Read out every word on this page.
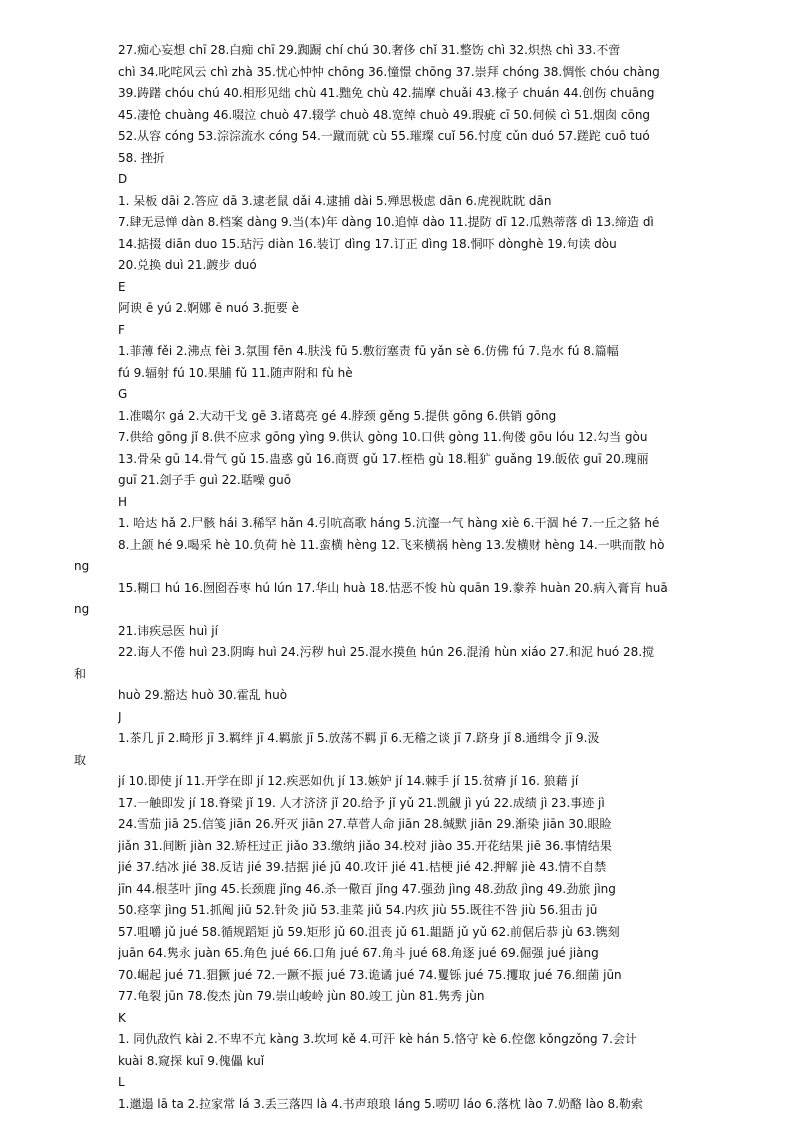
27.痴心妄想 chī 28.白痴 chī 29.踟蹰 chí chú 30.奢侈 chǐ 31.整饬 chì 32.炽热 chì 33.不啻
chì 34.叱咤风云 chì zhà 35.忧心忡忡 chōng 36.憧憬 chōng 37.崇拜 chóng 38.惆怅 chóu chàng
39.踌躇 chóu chú 40.相形见绌 chù 41.黜免 chù 42.揣摩 chuǎi 43.椽子 chuán 44.创伤 chuāng
45.凄怆 chuàng 46.啜泣 chuò 47.辍学 chuò 48.宽绰 chuò 49.瑕疵 cī 50.伺候 cì 51.烟囱 cōng
52.从容 cóng 53.淙淙流水 cóng 54.一蹴而就 cù 55.璀璨 cuǐ 56.忖度 cǔn duó 57.蹉跎 cuō tuó
58. 挫折
D
1. 呆板 dāi 2.答应 dā 3.逮老鼠 dǎi 4.逮捕 dài 5.殚思极虑 dān 6.虎视眈眈 dān
7.肆无忌惮 dàn 8.档案 dàng 9.当(本)年 dàng 10.追悼 dào 11.提防 dī 12.瓜熟蒂落 dì 13.缔造 dì
14.掂掇 diān duo 15.玷污 diàn 16.装订 dìng 17.订正 dìng 18.恫吓 dònghè 19.句读 dòu
20.兑换 duì 21.踱步 duó
E
阿谀 ē yú 2.婀娜 ē nuó 3.扼要 è
F
1.菲薄 fěi 2.沸点 fèi 3.氛围 fēn 4.肤浅 fū 5.敷衍塞责 fū yǎn sè 6.仿佛 fú 7.凫水 fú 8.篇幅
fú 9.辐射 fú 10.果脯 fǔ 11.随声附和 fù hè
G
1.准噶尔 gá 2.大动干戈 gē 3.诸葛亮 gé 4.脖颈 gěng 5.提供 gōng 6.供销 gōng
7.供给 gōng jǐ 8.供不应求 gōng yìng 9.供认 gòng 10.口供 gòng 11.佝偻 gōu lóu 12.勾当 gòu
13.骨朵 gū 14.骨气 gǔ 15.蛊惑 gǔ 16.商贾 gǔ 17.桎梏 gù 18.粗犷 guǎng 19.皈依 guī 20.瑰丽
guī 21.刽子手 guì 22.聒噪 guō
H
1. 哈达 hǎ 2.尸骸 hái 3.稀罕 hǎn 4.引吭高歌 háng 5.沆瀣一气 hàng xiè 6.干涸 hé 7.一丘之貉 hé
8.上颌 hé 9.喝采 hè 10.负荷 hè 11.蛮横 hèng 12.飞来横祸 hèng 13.发横财 hèng 14.一哄而散 hò
ng
15.糊口 hú 16.囫囵吞枣 hú lún 17.华山 huà 18.怙恶不悛 hù quān 19.豢养 huàn 20.病入膏肓 huā
ng
21.讳疾忌医 huì jí
22.诲人不倦 huì 23.阴晦 huì 24.污秽 huì 25.混水摸鱼 hún 26.混淆 hùn xiáo 27.和泥 huó 28.搅
和
huò 29.豁达 huò 30.霍乱 huò
J
1.茶几 jī 2.畸形 jī 3.羁绊 jī 4.羁旅 jī 5.放荡不羁 jī 6.无稽之谈 jī 7.跻身 jī 8.通缉令 jī 9.汲
取
jí 10.即使 jí 11.开学在即 jí 12.疾恶如仇 jí 13.嫉妒 jí 14.棘手 jí 15.贫瘠 jí 16. 狼藉 jí
17.一触即发 jí 18.脊梁 jǐ 19. 人才济济 jǐ 20.给予 jǐ yǔ 21.凯觎 jì yú 22.成绩 jì 23.事迹 jì
24.雪茄 jiā 25.信笺 jiān 26.歼灭 jiān 27.草菅人命 jiān 28.缄默 jiān 29.渐染 jiān 30.眼睑
jiǎn 31.间断 jiàn 32.矫枉过正 jiǎo 33.缴纳 jiǎo 34.校对 jiào 35.开花结果 jiē 36.事情结果
jié 37.结冰 jié 38.反诘 jié 39.拮据 jié jū 40.攻讦 jié 41.桔梗 jié 42.押解 jiè 43.情不自禁
jīn 44.根茎叶 jīng 45.长颈鹿 jǐng 46.杀一儆百 jǐng 47.强劲 jìng 48.劲敌 jìng 49.劲旅 jìng
50.痉挛 jìng 51.抓阄 jiū 52.针灸 jiǔ 53.韭菜 jiǔ 54.内疚 jiù 55.既往不咎 jiù 56.狙击 jū
57.咀嚼 jǔ jué 58.循规蹈矩 jǔ 59.矩形 jǔ 60.沮丧 jǔ 61.龃龉 jǔ yǔ 62.前倨后恭 jù 63.镌刻
juān 64.隽永 juàn 65.角色 jué 66.口角 jué 67.角斗 jué 68.角逐 jué 69.倔强 jué jiàng
70.崛起 jué 71.猖獗 jué 72.一蹶不振 jué 73.诡谲 jué 74.矍铄 jué 75.攫取 jué 76.细菌 jūn
77.龟裂 jūn 78.俊杰 jùn 79.崇山峻岭 jùn 80.竣工 jùn 81.隽秀 jùn
K
1. 同仇敌忾 kài 2.不卑不亢 kàng 3.坎坷 kě 4.可汗 kè hán 5.恪守 kè 6.倥偬 kǒngzǒng 7.会计
kuài 8.窥探 kuī 9.傀儡 kuǐ
L
1.邋遢 lā ta 2.拉家常 lá 3.丢三落四 là 4.书声琅琅 láng 5.唠叨 láo 6.落枕 lào 7.奶酪 lào 8.勒索
